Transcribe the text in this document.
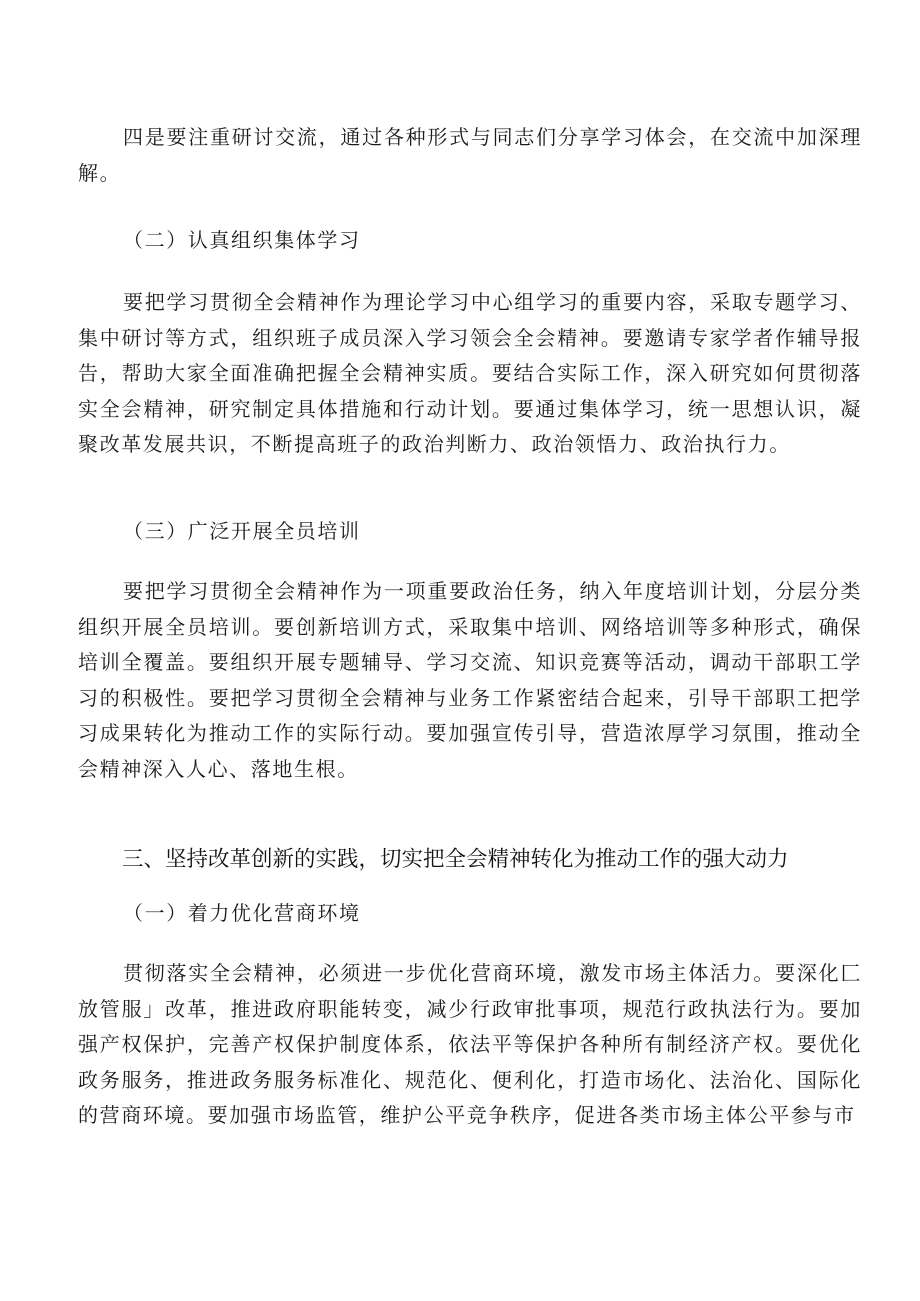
四是要注重研讨交流，通过各种形式与同志们分享学习体会，在交流中加深理解。

（二）认真组织集体学习

要把学习贯彻全会精神作为理论学习中心组学习的重要内容，采取专题学习、集中研讨等方式，组织班子成员深入学习领会全会精神。要邀请专家学者作辅导报告，帮助大家全面准确把握全会精神实质。要结合实际工作，深入研究如何贯彻落实全会精神，研究制定具体措施和行动计划。要通过集体学习，统一思想认识，凝聚改革发展共识，不断提高班子的政治判断力、政治领悟力、政治执行力。

（三）广泛开展全员培训

要把学习贯彻全会精神作为一项重要政治任务，纳入年度培训计划，分层分类组织开展全员培训。要创新培训方式，采取集中培训、网络培训等多种形式，确保培训全覆盖。要组织开展专题辅导、学习交流、知识竞赛等活动，调动干部职工学习的积极性。要把学习贯彻全会精神与业务工作紧密结合起来，引导干部职工把学习成果转化为推动工作的实际行动。要加强宣传引导，营造浓厚学习氛围，推动全会精神深入人心、落地生根。

三、坚持改革创新的实践，切实把全会精神转化为推动工作的强大动力

（一）着力优化营商环境

贯彻落实全会精神，必须进一步优化营商环境，激发市场主体活力。要深化匚放管服」改革，推进政府职能转变，减少行政审批事项，规范行政执法行为。要加强产权保护，完善产权保护制度体系，依法平等保护各种所有制经济产权。要优化政务服务，推进政务服务标准化、规范化、便利化，打造市场化、法治化、国际化的营商环境。要加强市场监管，维护公平竞争秩序，促进各类市场主体公平参与市
